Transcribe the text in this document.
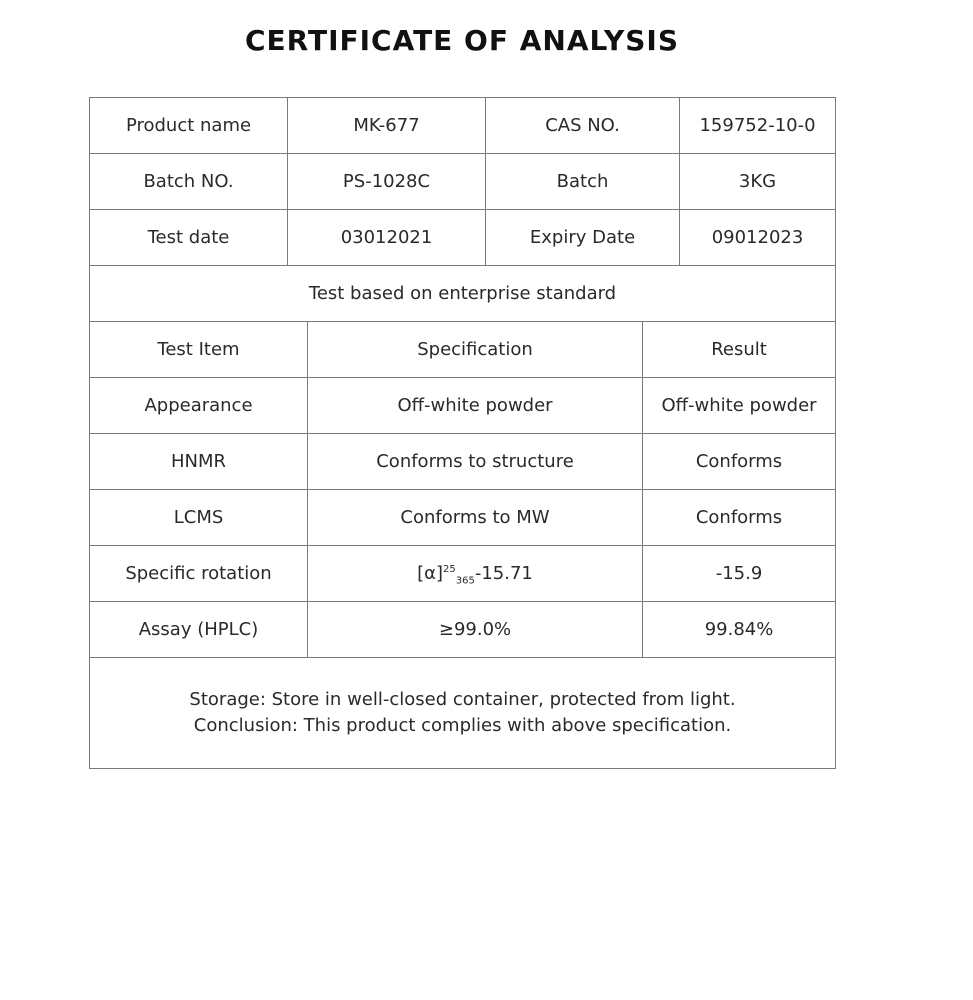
CERTIFICATE OF ANALYSIS
Product name	MK-677		CAS NO.		159752-10-0
Batch NO.	PS-1028C		Batch		3KG
Test date	03012021		Expiry Date		09012023
Test based on enterprise standard					
Test Item		Specification		Result	
Appearance		Off-white powder		Off-white powder	
HNMR		Conforms to structure		Conforms	
LCMS		Conforms to MW		Conforms	
Specific rotation		$[\alpha]^{25}_{365}-15.71$		-15.9	
Assay (HPLC)		≥99.0%		99.84%	

Storage: Store in well-closed container, protected from light.
Conclusion: This product complies with above specification.					
